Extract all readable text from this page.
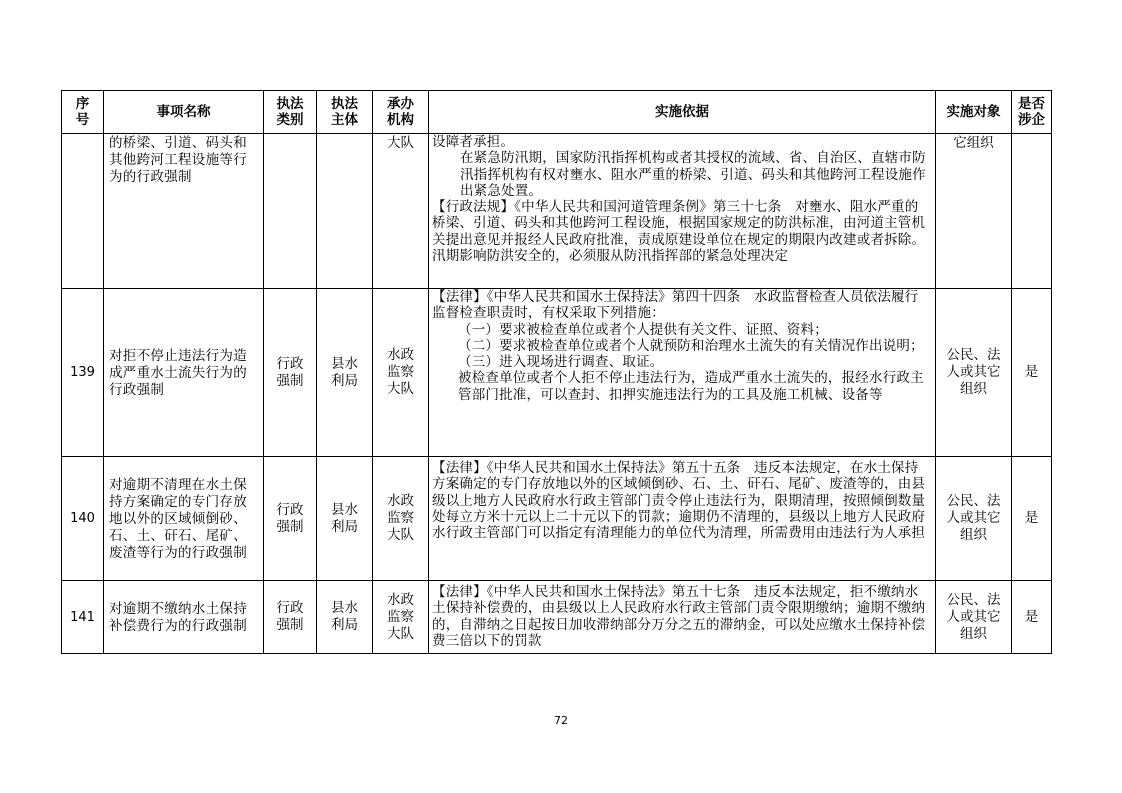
序号	事项名称	执法类别	执法主体	承办机构	实施依据	实施对象	是否涉企
	的桥梁、引道、码头和其他跨河工程设施等行为的行政强制			大队	设障者承担。

在紧急防汛期，国家防汛指挥机构或者其授权的流域、省、自治区、直辖市防汛指挥机构有权对壅水、阻水严重的桥梁、引道、码头和其他跨河工程设施作出紧急处置。

【行政法规】《中华人民共和国河道管理条例》第三十七条　对壅水、阻水严重的桥梁、引道、码头和其他跨河工程设施，根据国家规定的防洪标准，由河道主管机关提出意见并报经人民政府批准，责成原建设单位在规定的期限内改建或者拆除。汛期影响防洪安全的，必须服从防汛指挥部的紧急处理决定	它组织	
139	对拒不停止违法行为造成严重水土流失行为的行政强制	行政强制	县水利局	水政监察大队	【法律】《中华人民共和国水土保持法》第四十四条　水政监督检查人员依法履行监督检查职责时，有权采取下列措施：

（一）要求被检查单位或者个人提供有关文件、证照、资料；

（二）要求被检查单位或者个人就预防和治理水土流失的有关情况作出说明；

（三）进入现场进行调查、取证。

被检查单位或者个人拒不停止违法行为，造成严重水土流失的，报经水行政主管部门批准，可以查封、扣押实施违法行为的工具及施工机械、设备等	公民、法人或其它组织	是
140	对逾期不清理在水土保持方案确定的专门存放地以外的区域倾倒砂、石、土、矸石、尾矿、废渣等行为的行政强制	行政强制	县水利局	水政监察大队	【法律】《中华人民共和国水土保持法》第五十五条　违反本法规定，在水土保持方案确定的专门存放地以外的区域倾倒砂、石、土、矸石、尾矿、废渣等的，由县级以上地方人民政府水行政主管部门责令停止违法行为，限期清理，按照倾倒数量处每立方米十元以上二十元以下的罚款；逾期仍不清理的，县级以上地方人民政府水行政主管部门可以指定有清理能力的单位代为清理，所需费用由违法行为人承担	公民、法人或其它组织	是
141	对逾期不缴纳水土保持补偿费行为的行政强制	行政强制	县水利局	水政监察大队	【法律】《中华人民共和国水土保持法》第五十七条　违反本法规定，拒不缴纳水土保持补偿费的，由县级以上人民政府水行政主管部门责令限期缴纳；逾期不缴纳的，自滞纳之日起按日加收滞纳部分万分之五的滞纳金，可以处应缴水土保持补偿费三倍以下的罚款	公民、法人或其它组织	是
72
